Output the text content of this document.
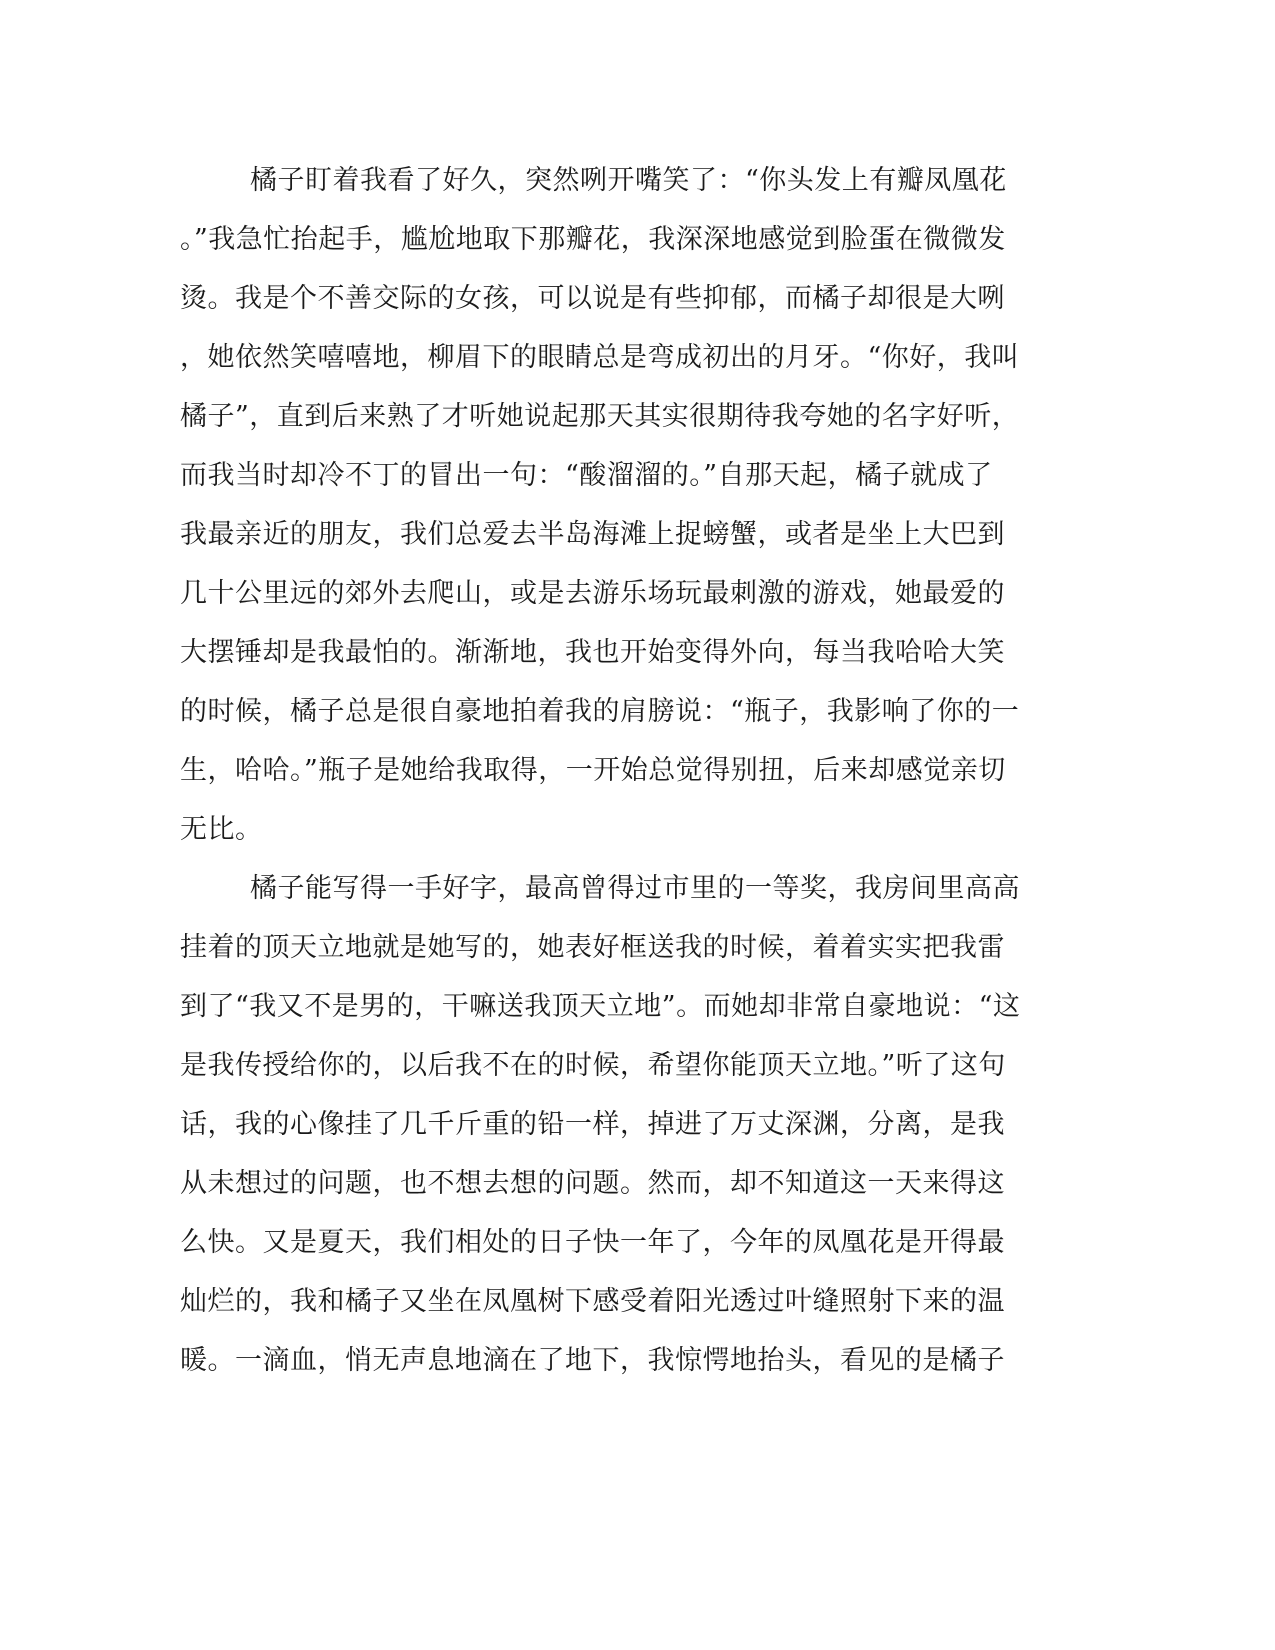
橘子盯着我看了好久，突然咧开嘴笑了：“你头发上有瓣凤凰花
。”我急忙抬起手，尴尬地取下那瓣花，我深深地感觉到脸蛋在微微发
烫。我是个不善交际的女孩，可以说是有些抑郁，而橘子却很是大咧
，她依然笑嘻嘻地，柳眉下的眼睛总是弯成初出的月牙。“你好，我叫
橘子”，直到后来熟了才听她说起那天其实很期待我夸她的名字好听，
而我当时却冷不丁的冒出一句：“酸溜溜的。”自那天起，橘子就成了
我最亲近的朋友，我们总爱去半岛海滩上捉螃蟹，或者是坐上大巴到
几十公里远的郊外去爬山，或是去游乐场玩最刺激的游戏，她最爱的
大摆锤却是我最怕的。渐渐地，我也开始变得外向，每当我哈哈大笑
的时候，橘子总是很自豪地拍着我的肩膀说：“瓶子，我影响了你的一
生，哈哈。”瓶子是她给我取得，一开始总觉得别扭，后来却感觉亲切
无比。
橘子能写得一手好字，最高曾得过市里的一等奖，我房间里高高
挂着的顶天立地就是她写的，她表好框送我的时候，着着实实把我雷
到了“我又不是男的，干嘛送我顶天立地”。而她却非常自豪地说：“这
是我传授给你的，以后我不在的时候，希望你能顶天立地。”听了这句
话，我的心像挂了几千斤重的铅一样，掉进了万丈深渊，分离，是我
从未想过的问题，也不想去想的问题。然而，却不知道这一天来得这
么快。又是夏天，我们相处的日子快一年了，今年的凤凰花是开得最
灿烂的，我和橘子又坐在凤凰树下感受着阳光透过叶缝照射下来的温
暖。一滴血，悄无声息地滴在了地下，我惊愕地抬头，看见的是橘子
